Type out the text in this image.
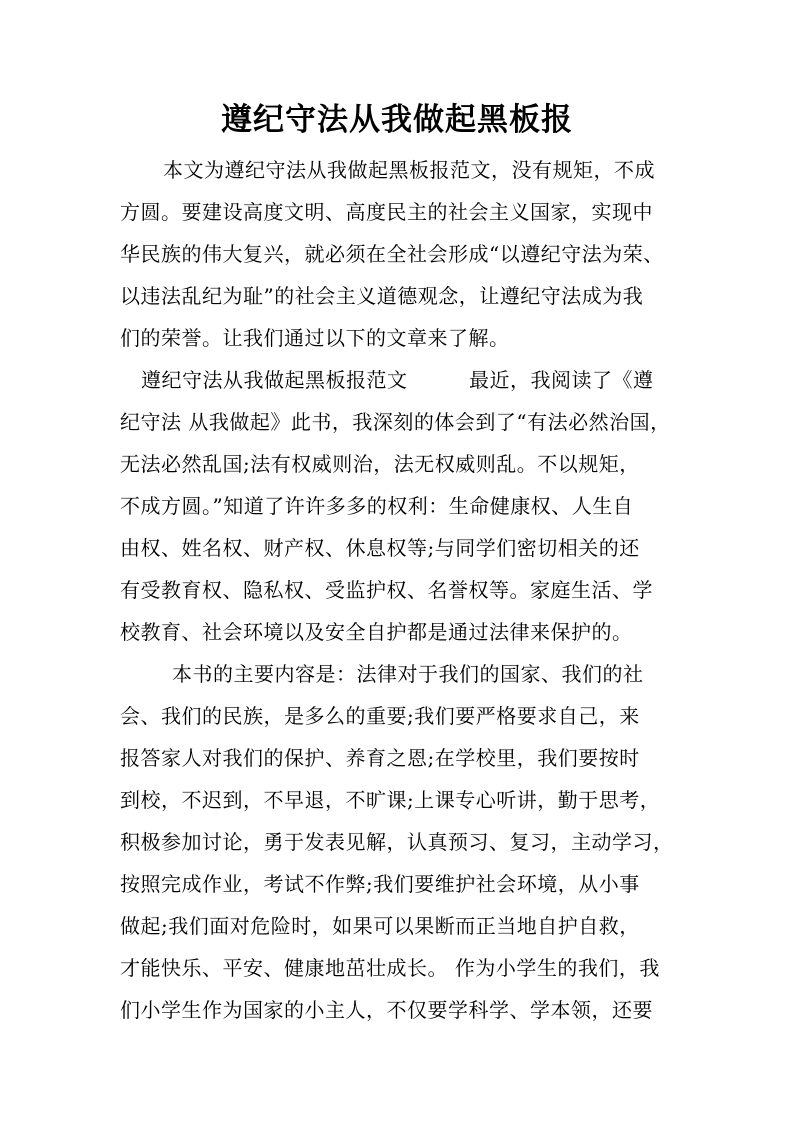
遵纪守法从我做起黑板报

本文为遵纪守法从我做起黑板报范文，没有规矩，不成

方圆。要建设高度文明、高度民主的社会主义国家，实现中

华民族的伟大复兴，就必须在全社会形成“以遵纪守法为荣、

以违法乱纪为耻”的社会主义道德观念，让遵纪守法成为我

们的荣誉。让我们通过以下的文章来了解。

遵纪守法从我做起黑板报范文　　　最近，我阅读了《遵

纪守法 从我做起》此书，我深刻的体会到了“有法必然治国，

无法必然乱国;法有权威则治，法无权威则乱。不以规矩，

不成方圆。”知道了许许多多的权利：生命健康权、人生自

由权、姓名权、财产权、休息权等;与同学们密切相关的还

有受教育权、隐私权、受监护权、名誉权等。家庭生活、学

校教育、社会环境以及安全自护都是通过法律来保护的。

本书的主要内容是：法律对于我们的国家、我们的社

会、我们的民族，是多么的重要;我们要严格要求自己，来

报答家人对我们的保护、养育之恩;在学校里，我们要按时

到校，不迟到，不早退，不旷课;上课专心听讲，勤于思考，

积极参加讨论，勇于发表见解，认真预习、复习，主动学习，

按照完成作业，考试不作弊;我们要维护社会环境，从小事

做起;我们面对危险时，如果可以果断而正当地自护自救，

才能快乐、平安、健康地茁壮成长。 作为小学生的我们，我

们小学生作为国家的小主人，不仅要学科学、学本领，还要
